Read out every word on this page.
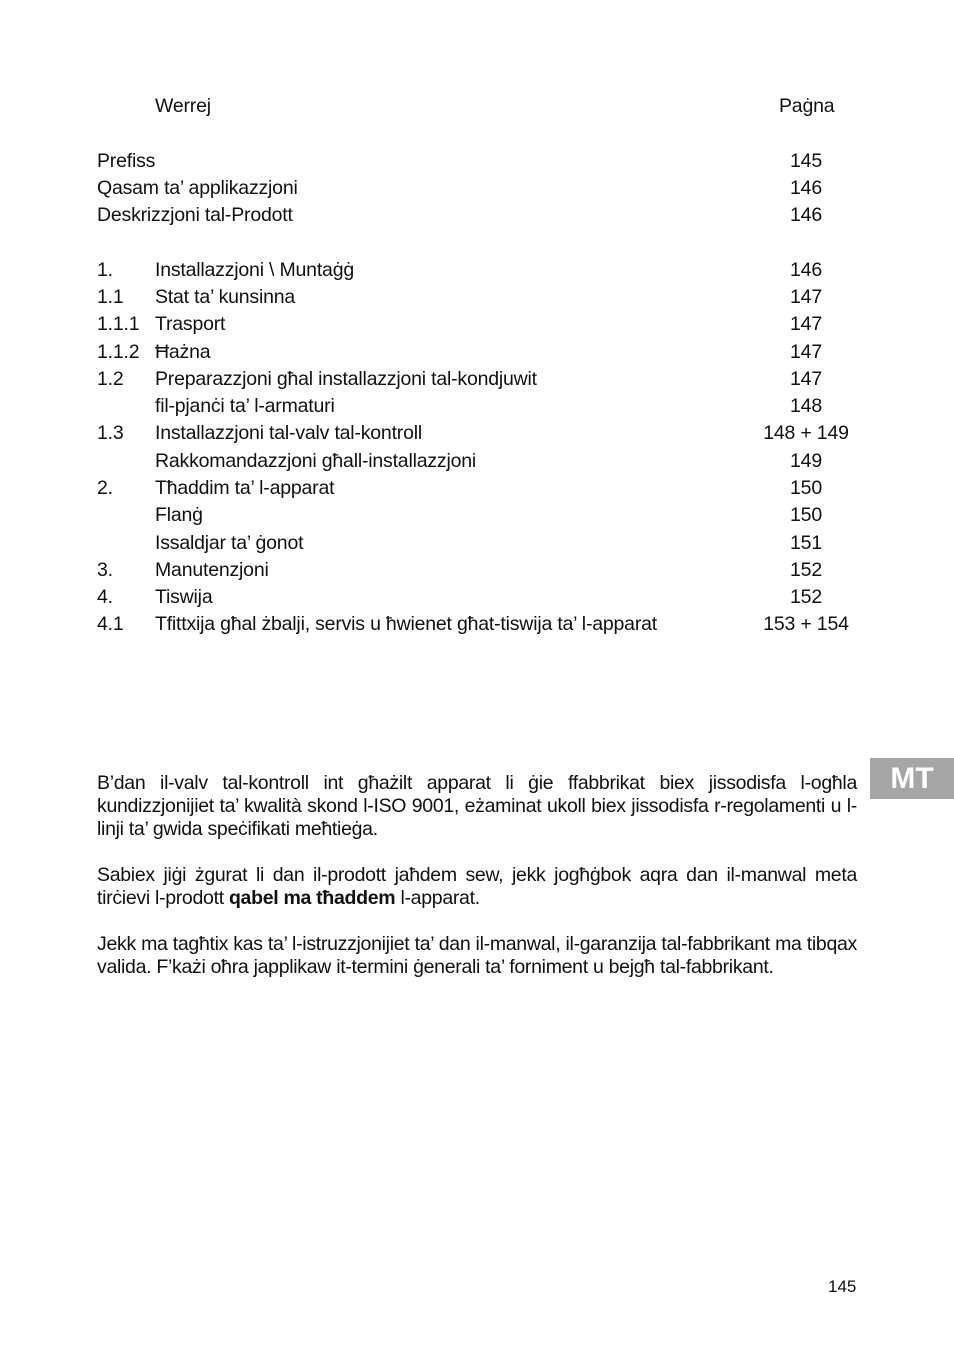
Werrej	Paġna
Prefiss	145
Qasam ta’ applikazzjoni	146
Deskrizzjoni tal-Prodott	146
1. Installazzjoni \ Muntaġġ	146
1.1 Stat ta’ kunsinna	147
1.1.1 Trasport	147
1.1.2 Ħażna	147
1.2 Preparazzjoni għal installazzjoni tal-kondjuwit	147
fil-pjanċi ta’ l-armaturi	148
1.3 Installazzjoni tal-valv tal-kontroll	148 + 149
Rakkomandazzjoni għall-installazzjoni	149
2. Tħaddim ta’ l-apparat	150
Flanġ	150
Issaldjar ta’ ġonot	151
3. Manutenzjoni	152
4. Tiswija	152
4.1 Tfittxija għal żbalji, servis u ħwienet għat-tiswija ta’ l-apparat	153 + 154
MT

B’dan il-valv tal-kontroll int għażilt apparat li ġie ffabbrikat biex jissodisfa l-ogħla kundizzjonijiet ta’ kwalità skond l-ISO 9001, eżaminat ukoll biex jissodisfa r-regolamenti u l-linji ta’ gwida speċifikati meħtieġa.

Sabiex jiġi żgurat li dan il-prodott jaħdem sew, jekk jogħġbok aqra dan il-manwal meta tirċievi l-prodott qabel ma tħaddem l-apparat.

Jekk ma tagħtix kas ta’ l-istruzzjonijiet ta’ dan il-manwal, il-garanzija tal-fabbrikant ma tibqax valida. F’każi oħra japplikaw it-termini ġenerali ta’ forniment u bejgħ tal-fabbrikant.

145
